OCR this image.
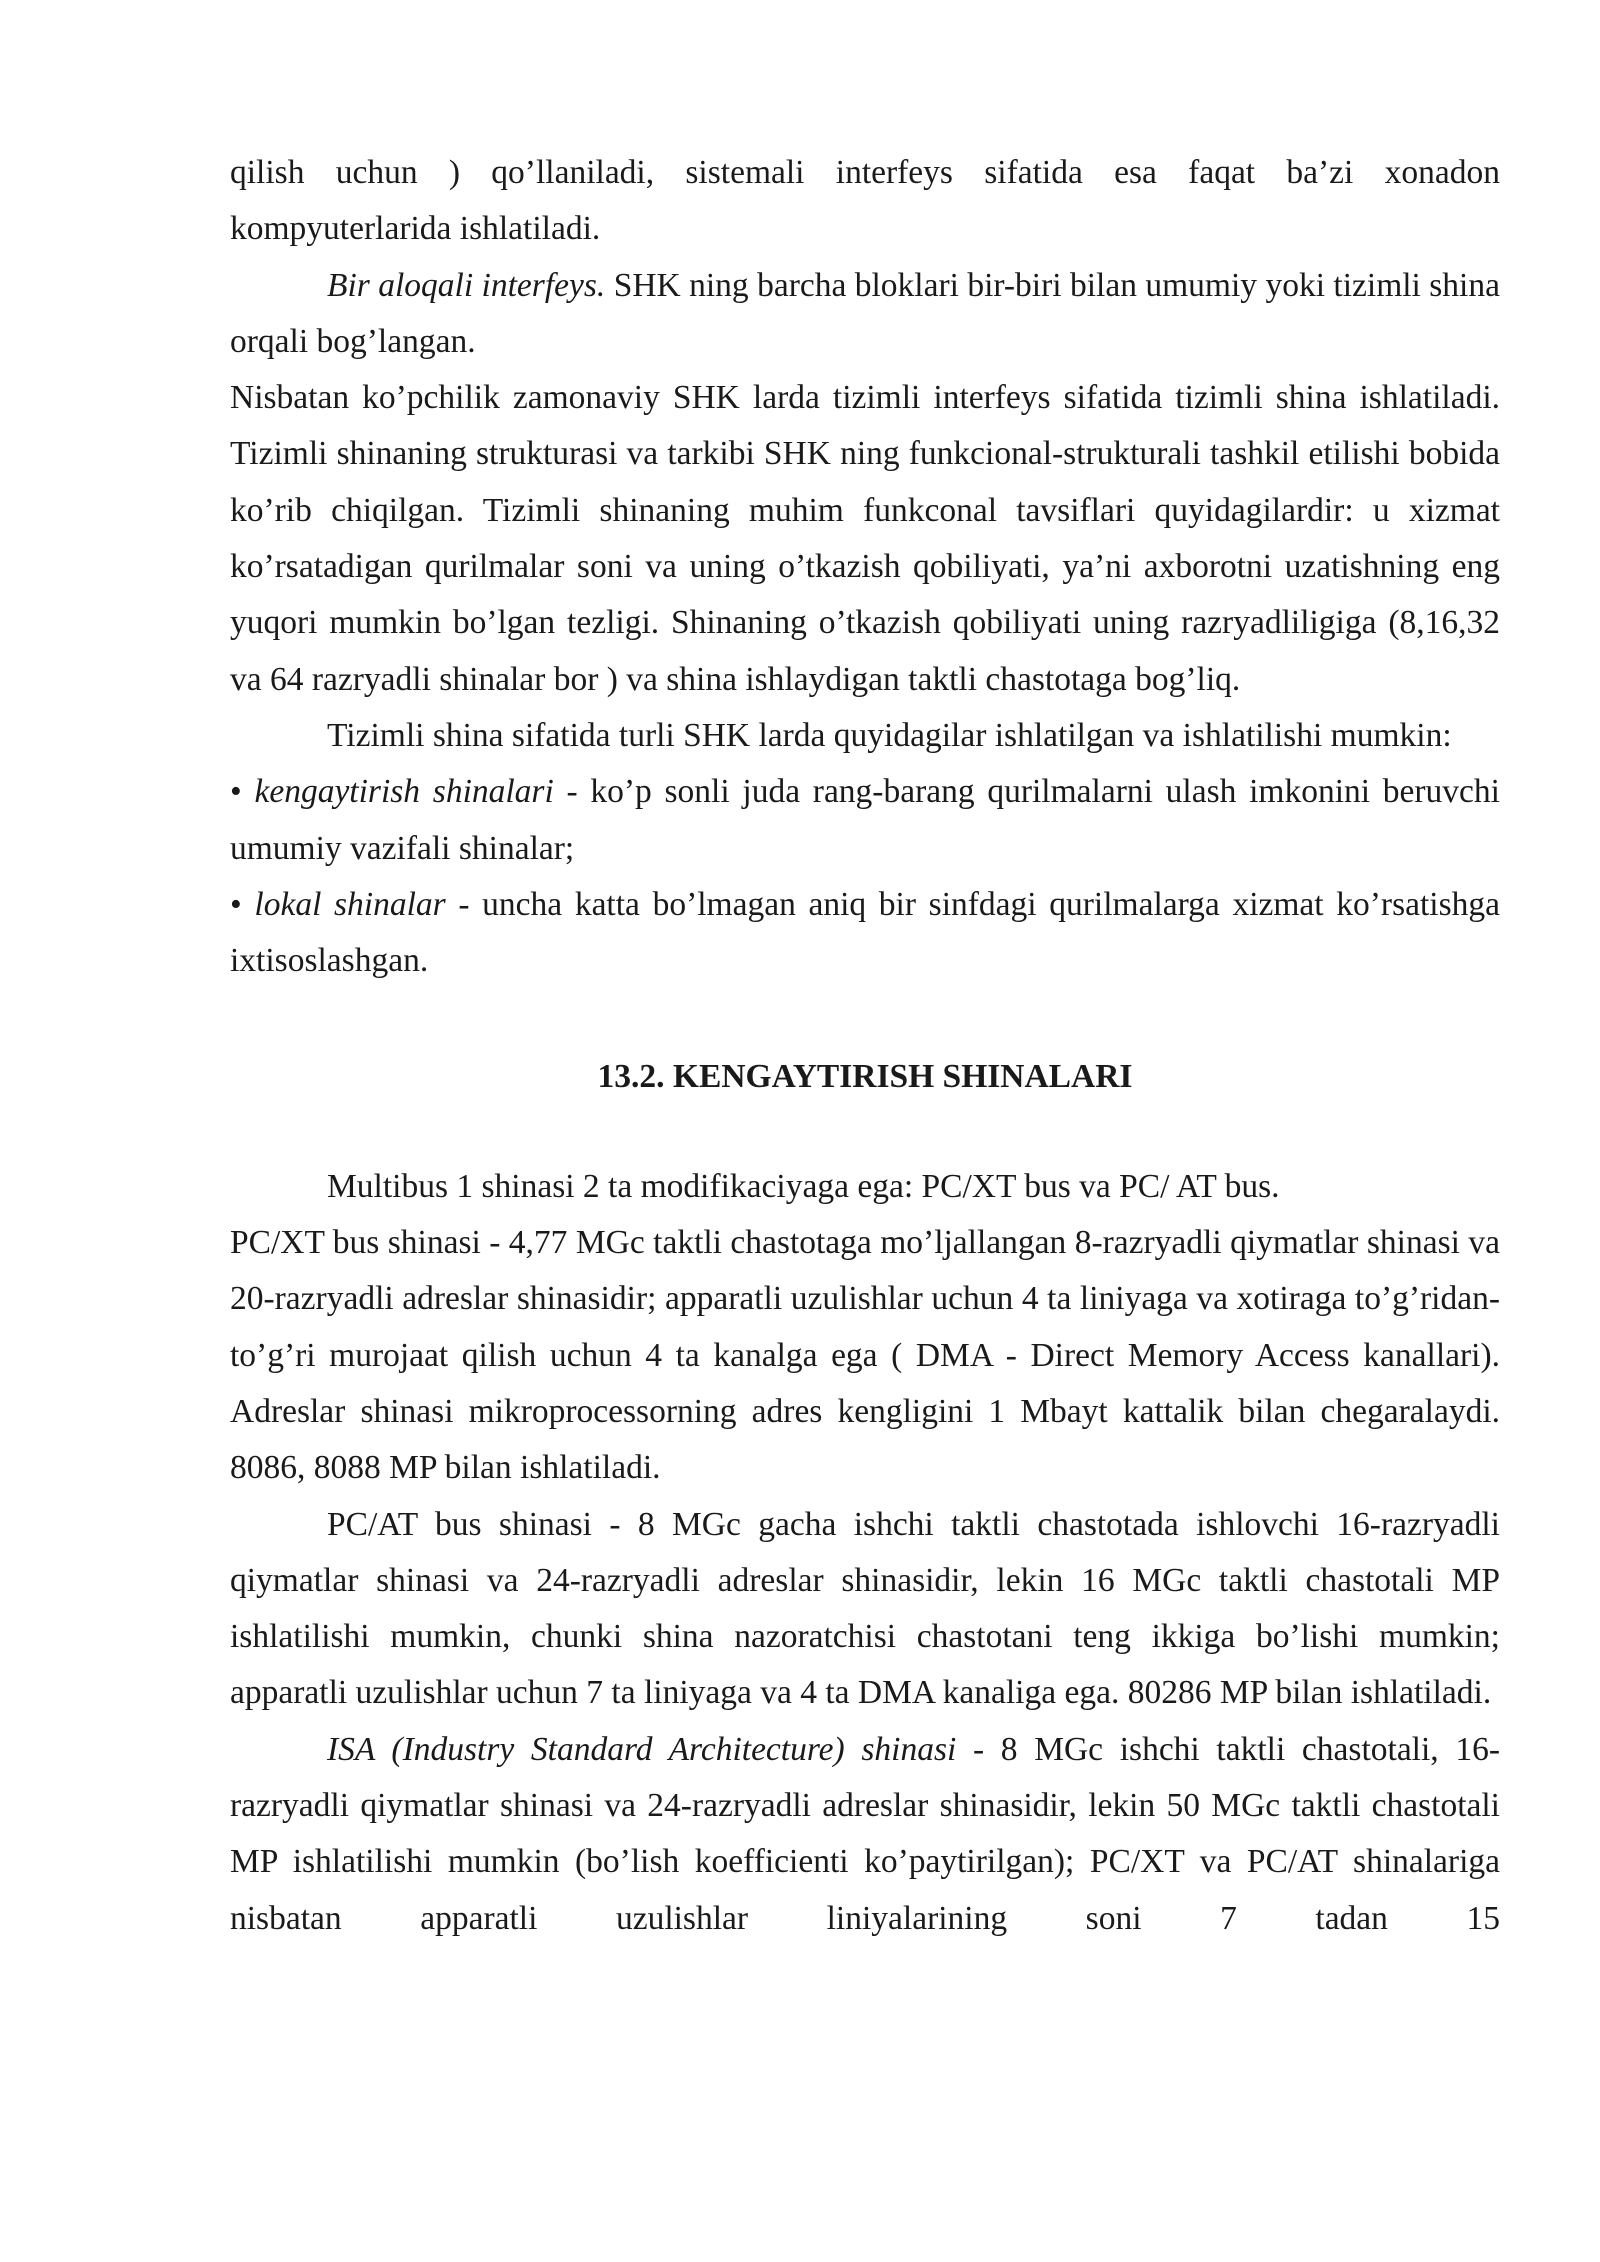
qilish uchun ) qo’llaniladi, sistemali interfeys sifatida esa faqat ba’zi xonadon kompyuterlarida ishlatiladi.

Bir aloqali interfeys. SHK ning barcha bloklari bir-biri bilan umumiy yoki tizimli shina orqali bog’langan.

Nisbatan ko’pchilik zamonaviy SHK larda tizimli interfeys sifatida tizimli shina ishlatiladi. Tizimli shinaning strukturasi va tarkibi SHK ning funkcional-strukturali tashkil etilishi bobida ko’rib chiqilgan. Tizimli shinaning muhim funkconal tavsiflari quyidagilardir: u xizmat ko’rsatadigan qurilmalar soni va uning o’tkazish qobiliyati, ya’ni axborotni uzatishning eng yuqori mumkin bo’lgan tezligi. Shinaning o’tkazish qobiliyati uning razryadliligiga (8,16,32 va 64 razryadli shinalar bor ) va shina ishlaydigan taktli chastotaga bog’liq.

Tizimli shina sifatida turli SHK larda quyidagilar ishlatilgan va ishlatilishi mumkin:

• kengaytirish shinalari - ko’p sonli juda rang-barang qurilmalarni ulash imkonini beruvchi umumiy vazifali shinalar;

• lokal shinalar - uncha katta bo’lmagan aniq bir sinfdagi qurilmalarga xizmat ko’rsatishga ixtisoslashgan.

13.2. KENGAYTIRISH SHINALARI

Multibus 1 shinasi 2 ta modifikaciyaga ega: PC/XT bus va PC/ AT bus.

PC/XT bus shinasi - 4,77 MGc taktli chastotaga mo’ljallangan 8-razryadli qiymatlar shinasi va 20-razryadli adreslar shinasidir; apparatli uzulishlar uchun 4 ta liniyaga va xotiraga to’g’ridan-to’g’ri murojaat qilish uchun 4 ta kanalga ega ( DMA - Direct Memory Access kanallari). Adreslar shinasi mikroprocessorning adres kengligini 1 Mbayt kattalik bilan chegaralaydi. 8086, 8088 MP bilan ishlatiladi.

PC/AT bus shinasi - 8 MGc gacha ishchi taktli chastotada ishlovchi 16-razryadli qiymatlar shinasi va 24-razryadli adreslar shinasidir, lekin 16 MGc taktli chastotali MP ishlatilishi mumkin, chunki shina nazoratchisi chastotani teng ikkiga bo’lishi mumkin; apparatli uzulishlar uchun 7 ta liniyaga va 4 ta DMA kanaliga ega. 80286 MP bilan ishlatiladi.

ISA (Industry Standard Architecture) shinasi - 8 MGc ishchi taktli chastotali, 16-razryadli qiymatlar shinasi va 24-razryadli adreslar shinasidir, lekin 50 MGc taktli chastotali MP ishlatilishi mumkin (bo’lish koefficienti ko’paytirilgan); PC/XT va PC/AT shinalariga nisbatan apparatli uzulishlar liniyalarining soni 7 tadan 15
